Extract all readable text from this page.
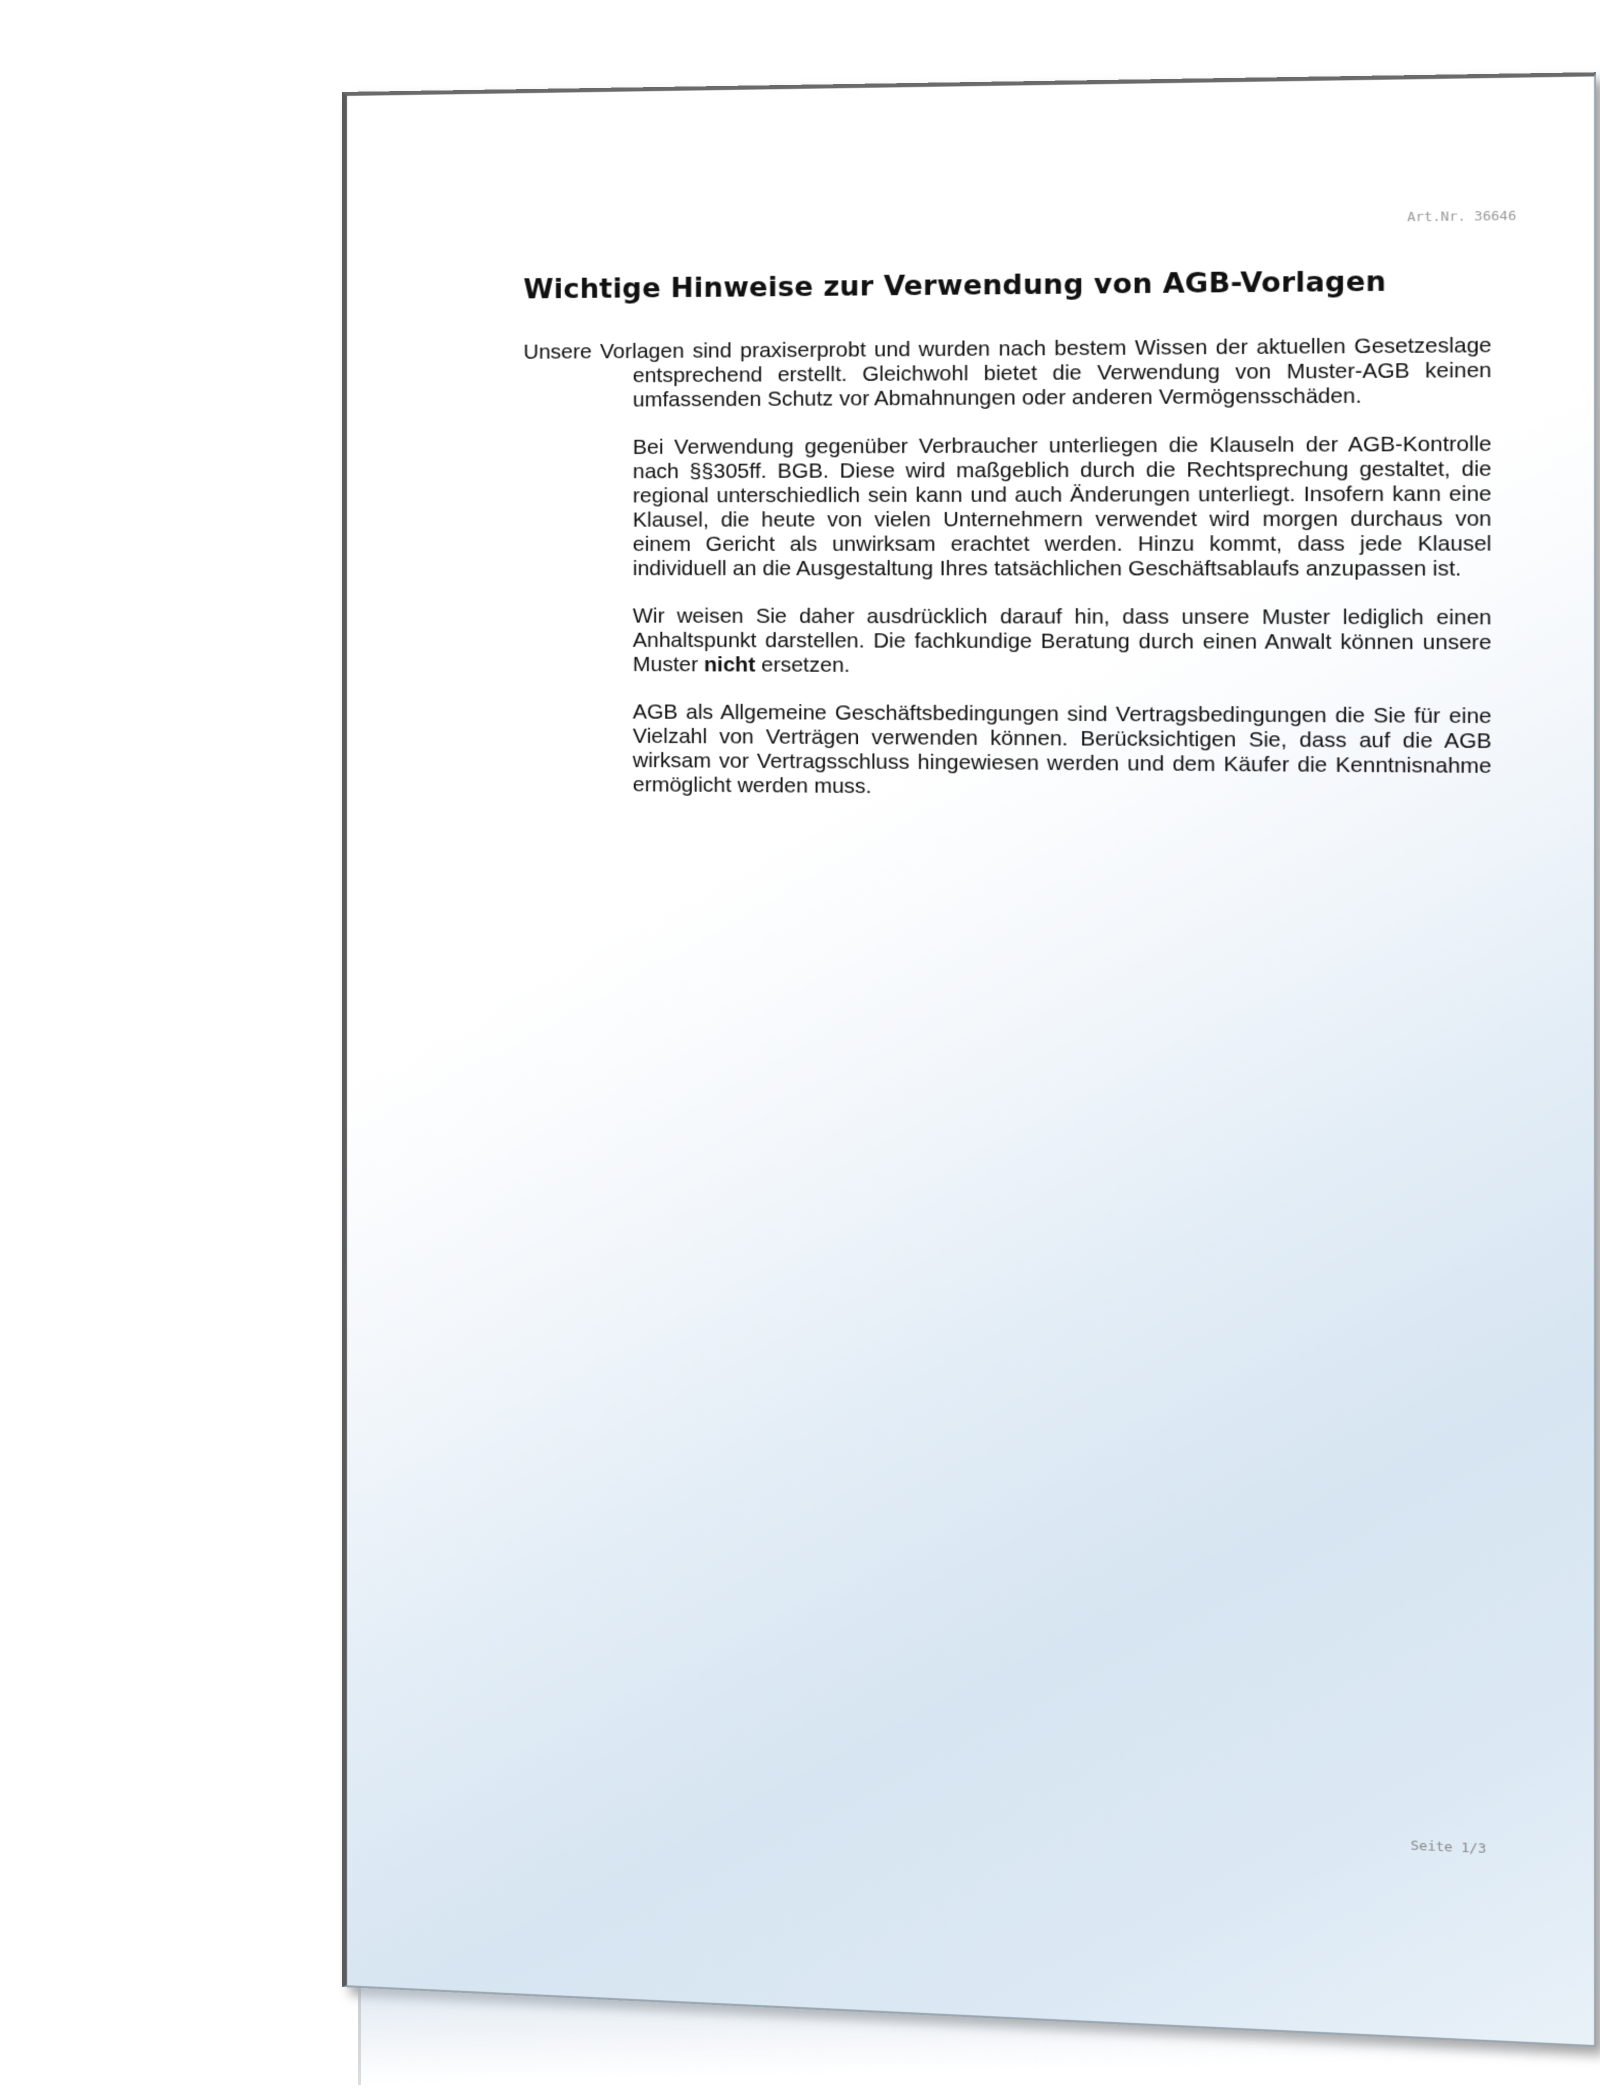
Art.Nr. 36646
Wichtige Hinweise zur Verwendung von AGB-Vorlagen

Unsere Vorlagen sind praxiserprobt und wurden nach bestem Wissen der aktuellen Gesetzeslage entsprechend erstellt. Gleichwohl bietet die Verwendung von Muster-AGB keinen umfassenden Schutz vor Abmahnungen oder anderen Vermögensschäden.

Bei Verwendung gegenüber Verbraucher unterliegen die Klauseln der AGB-Kontrolle nach §§305ff. BGB. Diese wird maßgeblich durch die Rechtsprechung gestaltet, die regional unterschiedlich sein kann und auch Änderungen unterliegt. Insofern kann eine Klausel, die heute von vielen Unternehmern verwendet wird morgen durchaus von einem Gericht als unwirksam erachtet werden. Hinzu kommt, dass jede Klausel individuell an die Ausgestaltung Ihres tatsächlichen Geschäftsablaufs anzupassen ist.

Wir weisen Sie daher ausdrücklich darauf hin, dass unsere Muster lediglich einen Anhaltspunkt darstellen. Die fachkundige Beratung durch einen Anwalt können unsere Muster nicht ersetzen.

AGB als Allgemeine Geschäftsbedingungen sind Vertragsbedingungen die Sie für eine Vielzahl von Verträgen verwenden können. Berücksichtigen Sie, dass auf die AGB wirksam vor Vertragsschluss hingewiesen werden und dem Käufer die Kenntnisnahme ermöglicht werden muss.

Seite 1/3
